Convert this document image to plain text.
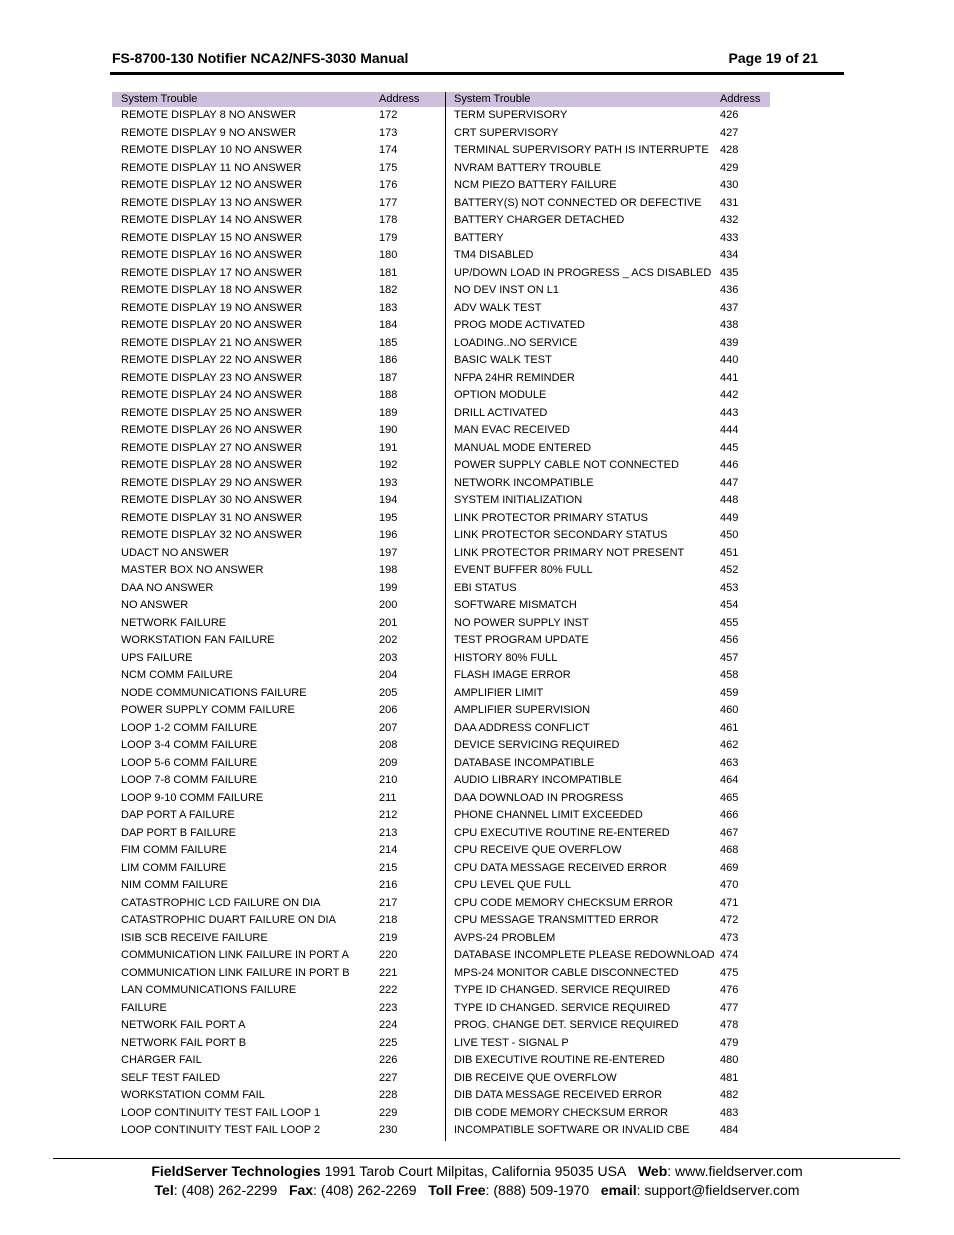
FS-8700-130 Notifier NCA2/NFS-3030 Manual	Page 19 of 21
System Trouble	Address
REMOTE DISPLAY 8 NO ANSWER	172
REMOTE DISPLAY 9 NO ANSWER	173
REMOTE DISPLAY 10 NO ANSWER	174
REMOTE DISPLAY 11 NO ANSWER	175
REMOTE DISPLAY 12 NO ANSWER	176
REMOTE DISPLAY 13 NO ANSWER	177
REMOTE DISPLAY 14 NO ANSWER	178
REMOTE DISPLAY 15 NO ANSWER	179
REMOTE DISPLAY 16 NO ANSWER	180
REMOTE DISPLAY 17 NO ANSWER	181
REMOTE DISPLAY 18 NO ANSWER	182
REMOTE DISPLAY 19 NO ANSWER	183
REMOTE DISPLAY 20 NO ANSWER	184
REMOTE DISPLAY 21 NO ANSWER	185
REMOTE DISPLAY 22 NO ANSWER	186
REMOTE DISPLAY 23 NO ANSWER	187
REMOTE DISPLAY 24 NO ANSWER	188
REMOTE DISPLAY 25 NO ANSWER	189
REMOTE DISPLAY 26 NO ANSWER	190
REMOTE DISPLAY 27 NO ANSWER	191
REMOTE DISPLAY 28 NO ANSWER	192
REMOTE DISPLAY 29 NO ANSWER	193
REMOTE DISPLAY 30 NO ANSWER	194
REMOTE DISPLAY 31 NO ANSWER	195
REMOTE DISPLAY 32 NO ANSWER	196
UDACT NO ANSWER	197
MASTER BOX NO ANSWER	198
DAA NO ANSWER	199
NO ANSWER	200
NETWORK FAILURE	201
WORKSTATION FAN FAILURE	202
UPS FAILURE	203
NCM COMM FAILURE	204
NODE COMMUNICATIONS FAILURE	205
POWER SUPPLY COMM FAILURE	206
LOOP 1-2 COMM FAILURE	207
LOOP 3-4 COMM FAILURE	208
LOOP 5-6 COMM FAILURE	209
LOOP 7-8 COMM FAILURE	210
LOOP 9-10 COMM FAILURE	211
DAP PORT A FAILURE	212
DAP PORT B FAILURE	213
FIM COMM FAILURE	214
LIM COMM FAILURE	215
NIM COMM FAILURE	216
CATASTROPHIC LCD FAILURE ON DIA	217
CATASTROPHIC DUART FAILURE ON DIA	218
ISIB SCB RECEIVE FAILURE	219
COMMUNICATION LINK FAILURE IN PORT A	220
COMMUNICATION LINK FAILURE IN PORT B	221
LAN COMMUNICATIONS FAILURE	222
FAILURE	223
NETWORK FAIL PORT A	224
NETWORK FAIL PORT B	225
CHARGER FAIL	226
SELF TEST FAILED	227
WORKSTATION COMM FAIL	228
LOOP CONTINUITY TEST FAIL LOOP 1	229
LOOP CONTINUITY TEST FAIL LOOP 2	230
System Trouble	Address
TERM SUPERVISORY	426
CRT SUPERVISORY	427
TERMINAL SUPERVISORY PATH IS INTERRUPTE 428
NVRAM BATTERY TROUBLE	429
NCM PIEZO BATTERY FAILURE	430
BATTERY(S) NOT CONNECTED OR DEFECTIVE 431
BATTERY CHARGER DETACHED	432
BATTERY	433
TM4 DISABLED	434
UP/DOWN LOAD IN PROGRESS _ ACS DISABLED 435
NO DEV INST ON L1	436
ADV WALK TEST	437
PROG MODE ACTIVATED	438
LOADING..NO SERVICE	439
BASIC WALK TEST	440
NFPA 24HR REMINDER	441
OPTION MODULE	442
DRILL ACTIVATED	443
MAN EVAC RECEIVED	444
MANUAL MODE ENTERED	445
POWER SUPPLY CABLE NOT CONNECTED	446
NETWORK INCOMPATIBLE	447
SYSTEM INITIALIZATION	448
LINK PROTECTOR PRIMARY STATUS	449
LINK PROTECTOR SECONDARY STATUS	450
LINK PROTECTOR PRIMARY NOT PRESENT	451
EVENT BUFFER 80% FULL	452
EBI STATUS	453
SOFTWARE MISMATCH	454
NO POWER SUPPLY INST	455
TEST PROGRAM UPDATE	456
HISTORY 80% FULL	457
FLASH IMAGE ERROR	458
AMPLIFIER LIMIT	459
AMPLIFIER SUPERVISION	460
DAA ADDRESS CONFLICT	461
DEVICE SERVICING REQUIRED	462
DATABASE INCOMPATIBLE	463
AUDIO LIBRARY INCOMPATIBLE	464
DAA DOWNLOAD IN PROGRESS	465
PHONE CHANNEL LIMIT EXCEEDED	466
CPU EXECUTIVE ROUTINE RE-ENTERED	467
CPU RECEIVE QUE OVERFLOW	468
CPU DATA MESSAGE RECEIVED ERROR	469
CPU LEVEL QUE FULL	470
CPU CODE MEMORY CHECKSUM ERROR	471
CPU MESSAGE TRANSMITTED ERROR	472
AVPS-24 PROBLEM	473
DATABASE INCOMPLETE PLEASE REDOWNLOAD 474
MPS-24 MONITOR CABLE DISCONNECTED	475
TYPE ID CHANGED. SERVICE REQUIRED	476
TYPE ID CHANGED. SERVICE REQUIRED	477
PROG. CHANGE DET. SERVICE REQUIRED	478
LIVE TEST - SIGNAL P	479
DIB EXECUTIVE ROUTINE RE-ENTERED	480
DIB RECEIVE QUE OVERFLOW	481
DIB DATA MESSAGE RECEIVED ERROR	482
DIB CODE MEMORY CHECKSUM ERROR	483
INCOMPATIBLE SOFTWARE OR INVALID CBE	484
FieldServer Technologies 1991 Tarob Court Milpitas, California 95035 USA Web: www.fieldserver.com
Tel: (408) 262-2299 Fax: (408) 262-2269 Toll Free: (888) 509-1970 email: support@fieldserver.com
